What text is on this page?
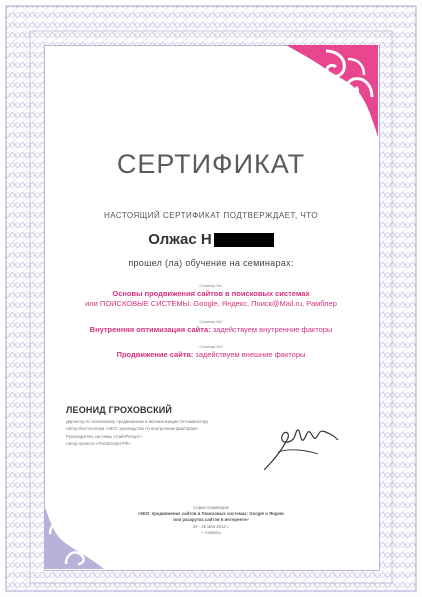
СЕРТИФИКАТ
НАСТОЯЩИЙ СЕРТИФИКАТ ПОДТВЕРЖДАЕТ, ЧТО
Олжас Н
прошел (ла) обучение на семинарах:
Семинар №1
Основы продвижения сайтов в поисковых системах
или ПОИСКОВЫЕ СИСТЕМЫ: Google, Яндекс, Поиск@Mail.ru, Рамблер
Семинар №2
Внутренняя оптимизация сайта: задействуем внутренние факторы
Семинар №3
Продвижение сайта: задействуем внешние факторы
ЛЕОНИД ГРОХОВСКИЙ
Директор по поисковому продвижению и автоматизации Оптимизатору
Автор бестселлера «SEO: руководство по внутренним факторам»
Руководитель системы «СайтРепорт»
Автор проекта «ТопЭксперт.РФ»
Серия семинаров
«SEO: продвижение сайтов в Поисковых системах: Google и Яндекс
или раскрутка сайтов в интернете»
23 - 25 мая 2012 г.
г. Алматы
